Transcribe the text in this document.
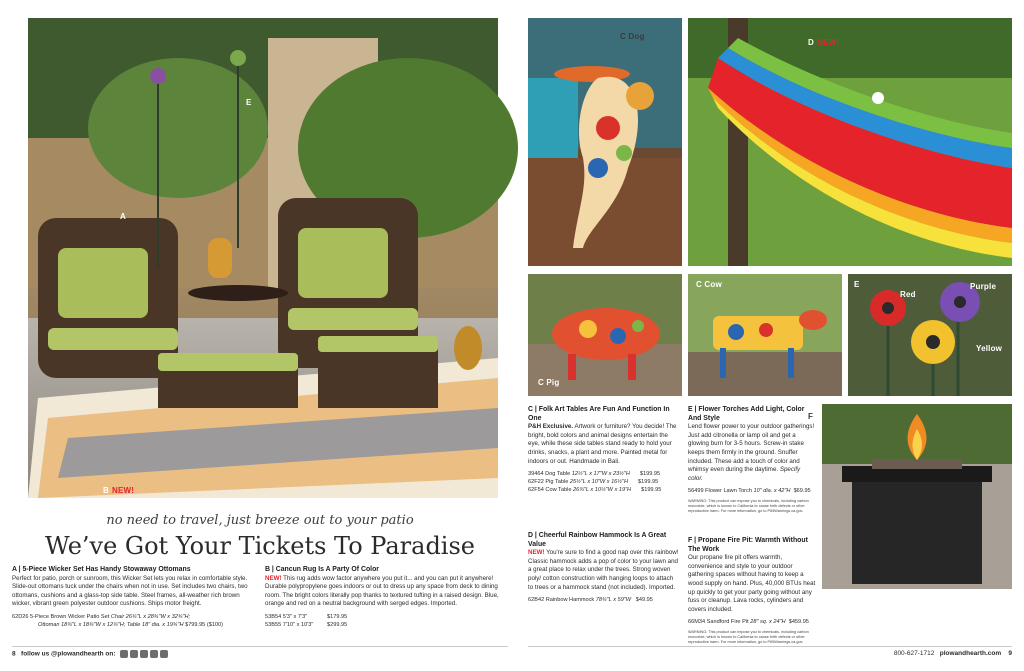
A
E
B NEW!
no need to travel, just breeze out to your patio
We’ve Got Your Tickets To Paradise
A | 5-Piece Wicker Set Has Handy Stowaway Ottomans
Perfect for patio, porch or sunroom, this Wicker Set lets you relax in comfortable style. Slide-out ottomans tuck under the chairs when not in use. Set includes two chairs, two ottomans, cushions and a glass-top side table. Steel frames, all-weather rich brown wicker, vibrant green polyester outdoor cushions. Ships motor freight.
62D26 5-Piece Brown Wicker Patio Set Chair 26¾"L x 28¾"W x 32¾"H;
Ottoman 18¾"L x 18¾"W x 12¾"H; Table 18" dia. x 19¾"H $799.95 ($100)
B | Cancun Rug Is A Party Of Color
NEW! This rug adds wow factor anywhere you put it... and you can put it anywhere! Durable polypropylene goes indoors or out to dress up any space from deck to dining room. The bright colors literally pop thanks to textured tufting in a raised design. Blue, orange and red on a neutral background with serged edges. Imported.
53B54 5'3" x 7'3"	$179.95
53B55 7'10" x 10'3"	$299.95
8 follow us @plowandhearth on:
C Dog
D NEW!
C Pig
C Cow	E
Red
Purple
Yellow
F
C | Folk Art Tables Are Fun And Function In One
P&H Exclusive. Artwork or furniture? You decide! The bright, bold colors and animal designs entertain the eye, while these side tables stand ready to hold your drinks, snacks, a plant and more. Painted metal for indoors or out. Handmade in Bali.
39464 Dog Table 12½"L x 17"W x 23½"H $199.95
62F22 Pig Table 25½"L x 10"W x 16½"H $199.95
62F54 Cow Table 26¾"L x 10½"W x 19"H $199.95
D | Cheerful Rainbow Hammock Is A Great Value
NEW! You're sure to find a good nap over this rainbow! Classic hammock adds a pop of color to your lawn and a great place to relax under the trees. Strong woven poly/ cotton construction with hanging loops to attach to trees or a hammock stand (not included). Imported.
62B42 Rainbow Hammock 78¾"L x 59"W $49.95
E | Flower Torches Add Light, Color And Style
Lend flower power to your outdoor gatherings! Just add citronella or lamp oil and get a glowing burn for 3-5 hours. Screw-in stake keeps them firmly in the ground. Snuffer included. These add a touch of color and whimsy even during the daytime. Specify color.
56499 Flower Lawn Torch 10" dia. x 42"H $69.95
WARNING: This product can expose you to chemicals, including carbon monoxide, which is known to California to cause birth defects or other reproductive harm. For more information, go to P65Warnings.ca.gov.
F | Propane Fire Pit: Warmth Without The Work
Our propane fire pit offers warmth, convenience and style to your outdoor gathering spaces without having to keep a wood supply on hand. Plus, 40,000 BTUs heat up quickly to get your party going without any fuss or cleanup. Lava rocks, cylinders and covers included.
66M34 Sandford Fire Pit 28" sq. x 24"H $459.95
WARNING: This product can expose you to chemicals, including carbon monoxide, which is known to California to cause birth defects or other reproductive harm. For more information, go to P65Warnings.ca.gov.
800-627-1712 plowandhearth.com 9
